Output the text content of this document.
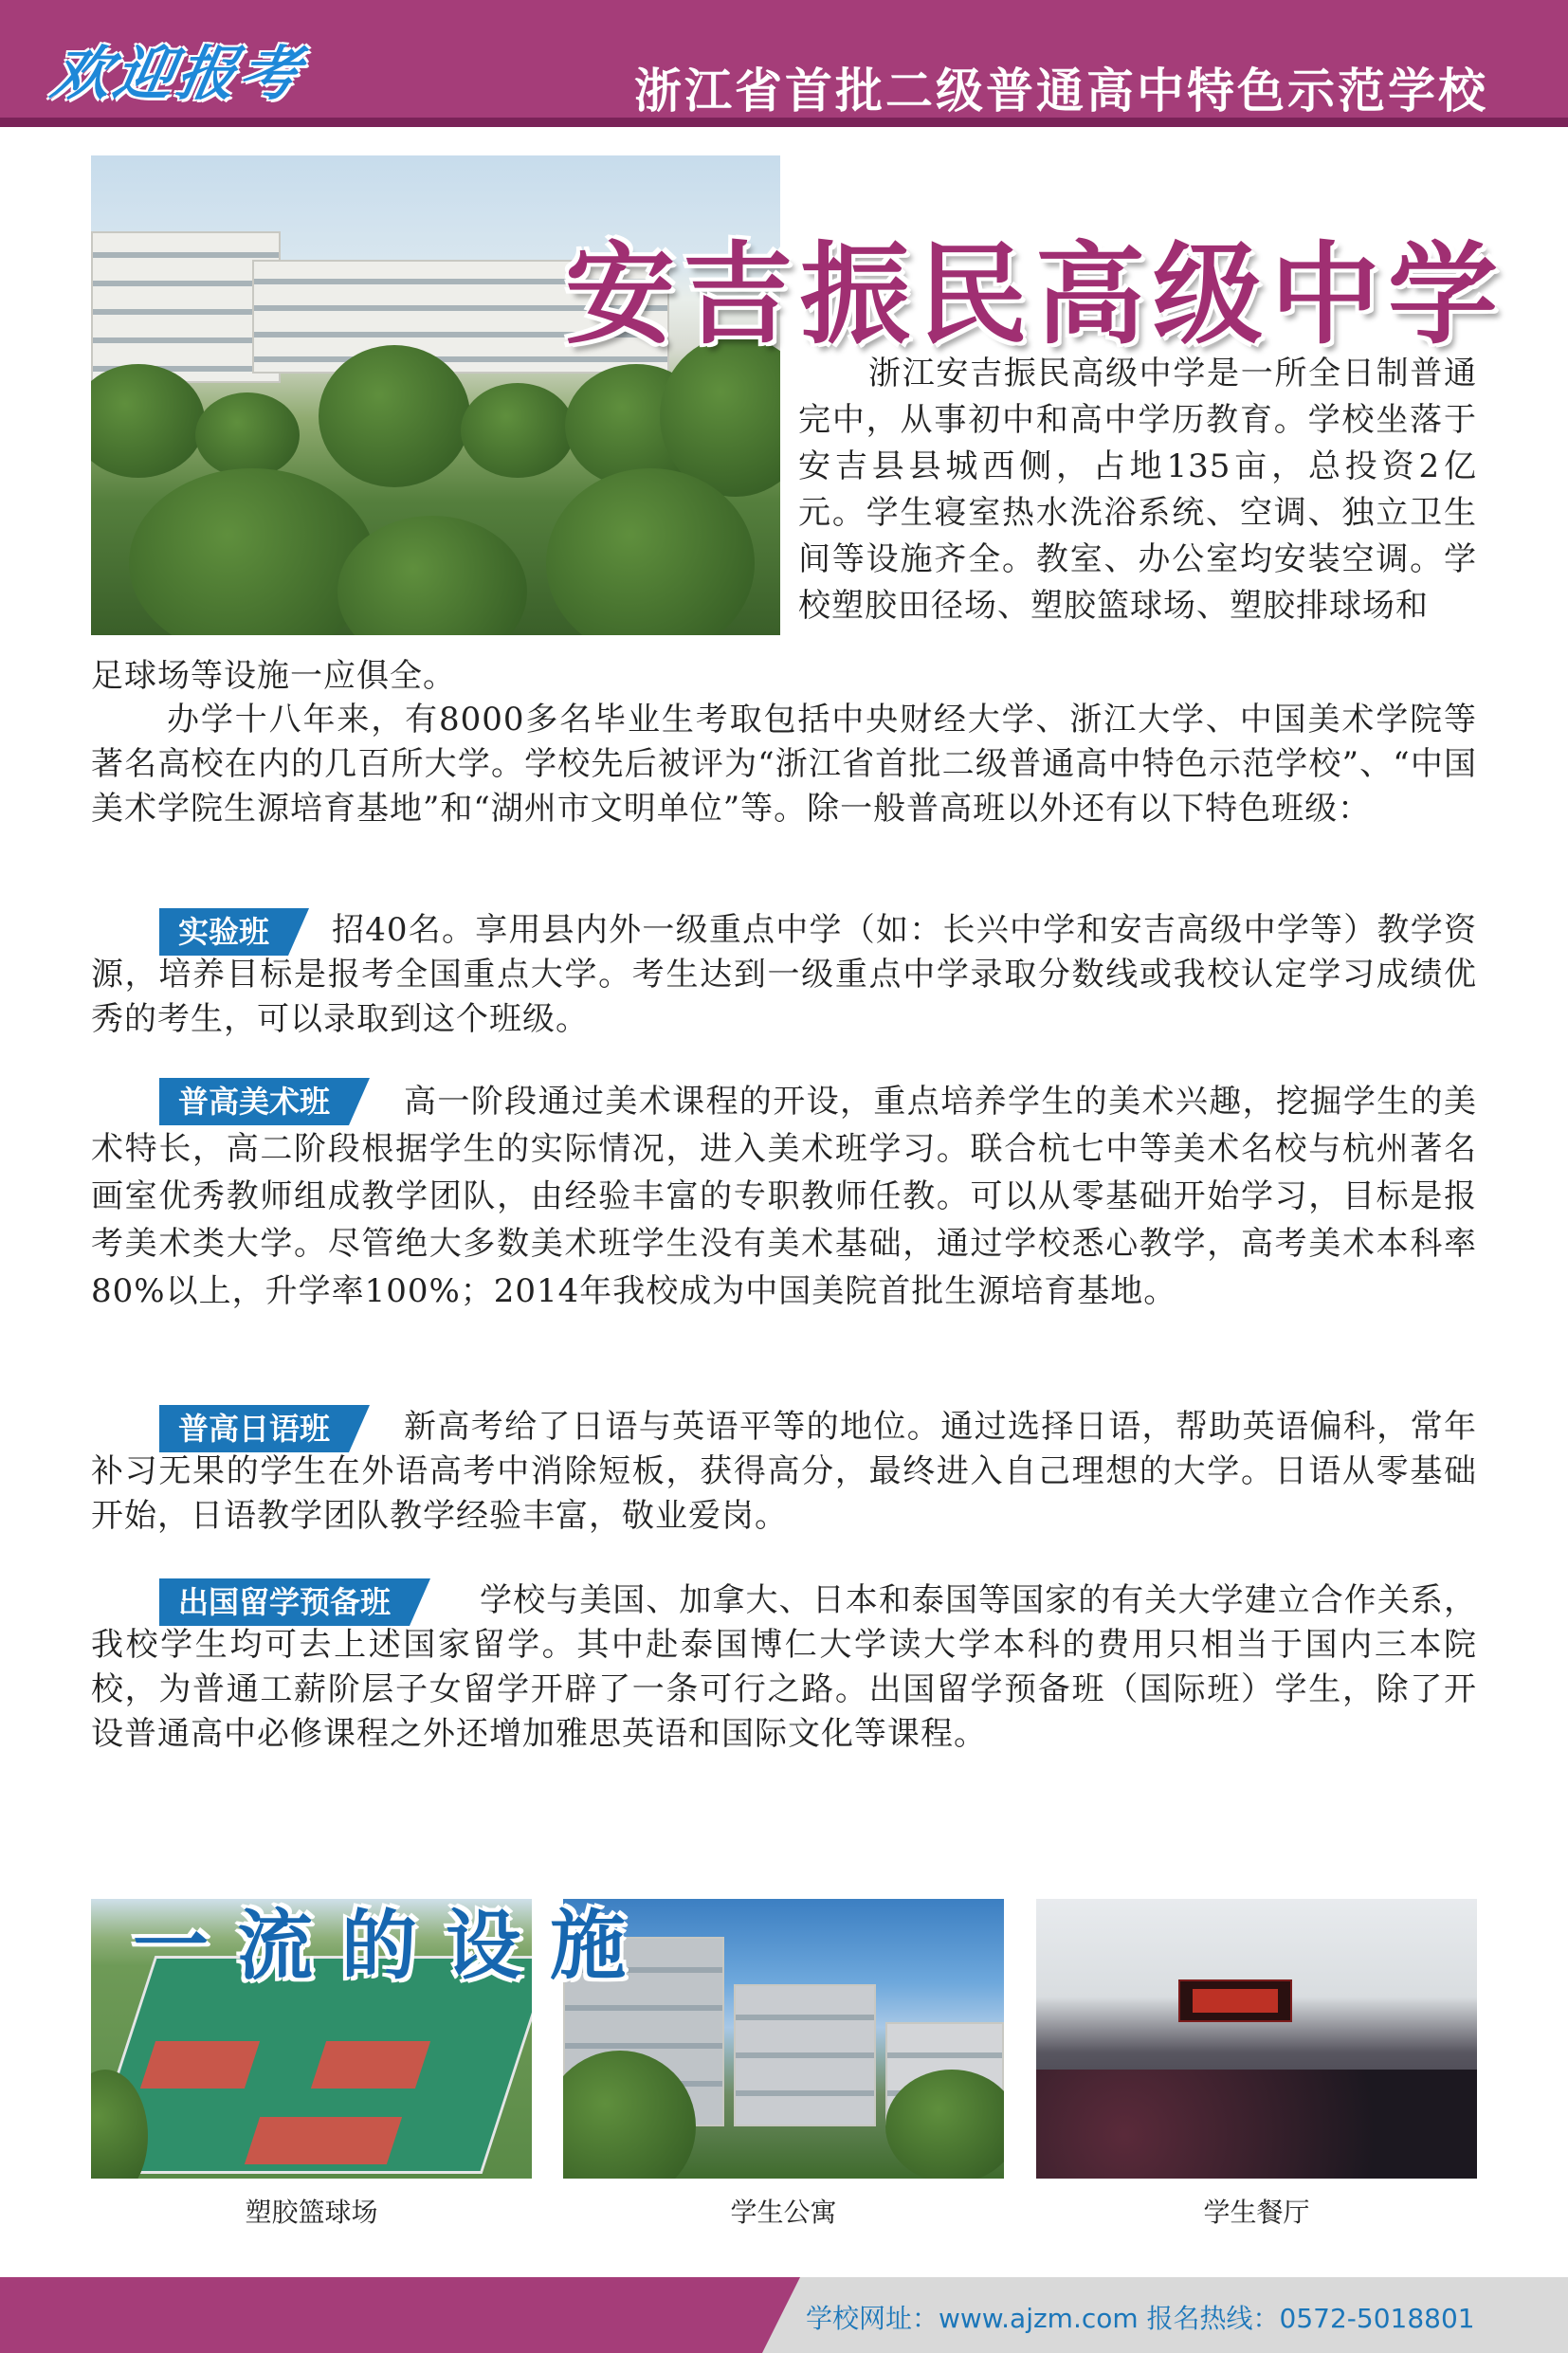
欢迎报考	浙江省首批二级普通高中特色示范学校
安吉振民高级中学
浙江安吉振民高级中学是一所全日制普通完中，从事初中和高中学历教育。学校坐落于安吉县县城西侧，占地135亩，总投资2亿元。学生寝室热水洗浴系统、空调、独立卫生间等设施齐全。教室、办公室均安装空调。学校塑胶田径场、塑胶篮球场、塑胶排球场和
足球场等设施一应俱全。
办学十八年来，有8000多名毕业生考取包括中央财经大学、浙江大学、中国美术学院等著名高校在内的几百所大学。学校先后被评为“浙江省首批二级普通高中特色示范学校”、“中国美术学院生源培育基地”和“湖州市文明单位”等。除一般普高班以外还有以下特色班级：
实验班	招40名。享用县内外一级重点中学（如：长兴中学和安吉高级中学等）教学资源，培养目标是报考全国重点大学。考生达到一级重点中学录取分数线或我校认定学习成绩优秀的考生，可以录取到这个班级。
普高美术班	高一阶段通过美术课程的开设，重点培养学生的美术兴趣，挖掘学生的美术特长，高二阶段根据学生的实际情况，进入美术班学习。联合杭七中等美术名校与杭州著名画室优秀教师组成教学团队，由经验丰富的专职教师任教。可以从零基础开始学习，目标是报考美术类大学。尽管绝大多数美术班学生没有美术基础，通过学校悉心教学，高考美术本科率80%以上，升学率100%；2014年我校成为中国美院首批生源培育基地。
普高日语班	新高考给了日语与英语平等的地位。通过选择日语，帮助英语偏科，常年补习无果的学生在外语高考中消除短板，获得高分，最终进入自己理想的大学。日语从零基础开始，日语教学团队教学经验丰富，敬业爱岗。
出国留学预备班	学校与美国、加拿大、日本和泰国等国家的有关大学建立合作关系，我校学生均可去上述国家留学。其中赴泰国博仁大学读大学本科的费用只相当于国内三本院校，为普通工薪阶层子女留学开辟了一条可行之路。出国留学预备班（国际班）学生，除了开设普通高中必修课程之外还增加雅思英语和国际文化等课程。
一流的设施
塑胶篮球场	学生公寓	学生餐厅
学校网址：www.ajzm.com 报名热线：0572-5018801
